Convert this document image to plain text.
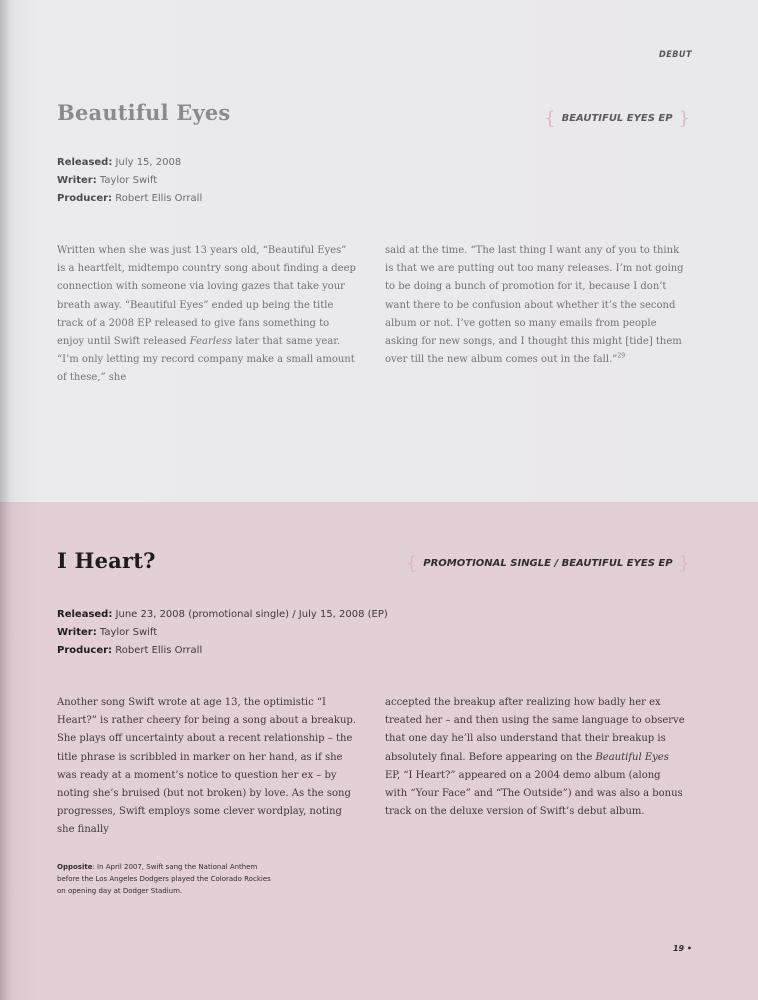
DEBUT
Beautiful Eyes	{ BEAUTIFUL EYES EP }
Released: July 15, 2008
Writer: Taylor Swift
Producer: Robert Ellis Orrall

Written when she was just 13 years old, “Beautiful Eyes” is a heartfelt, midtempo country song about finding a deep connection with someone via loving gazes that take your breath away. “Beautiful Eyes” ended up being the title track of a 2008 EP released to give fans something to enjoy until Swift released Fearless later that same year. “I’m only letting my record company make a small amount of these,” she

said at the time. “The last thing I want any of you to think is that we are putting out too many releases. I’m not going to be doing a bunch of promotion for it, because I don’t want there to be confusion about whether it’s the second album or not. I’ve gotten so many emails from people asking for new songs, and I thought this might [tide] them over till the new album comes out in the fall.”$^{29}$

I Heart?	{ PROMOTIONAL SINGLE / BEAUTIFUL EYES EP }
Released: June 23, 2008 (promotional single) / July 15, 2008 (EP)
Writer: Taylor Swift
Producer: Robert Ellis Orrall

Another song Swift wrote at age 13, the optimistic “I Heart?” is rather cheery for being a song about a breakup. She plays off uncertainty about a recent relationship – the title phrase is scribbled in marker on her hand, as if she was ready at a moment’s notice to question her ex – by noting she’s bruised (but not broken) by love. As the song progresses, Swift employs some clever wordplay, noting she finally

accepted the breakup after realizing how badly her ex treated her – and then using the same language to observe that one day he’ll also understand that their breakup is absolutely final. Before appearing on the Beautiful Eyes EP, “I Heart?” appeared on a 2004 demo album (along with “Your Face” and “The Outside”) and was also a bonus track on the deluxe version of Swift’s debut album.

Opposite: In April 2007, Swift sang the National Anthem before the Los Angeles Dodgers played the Colorado Rockies on opening day at Dodger Stadium.
19 •
